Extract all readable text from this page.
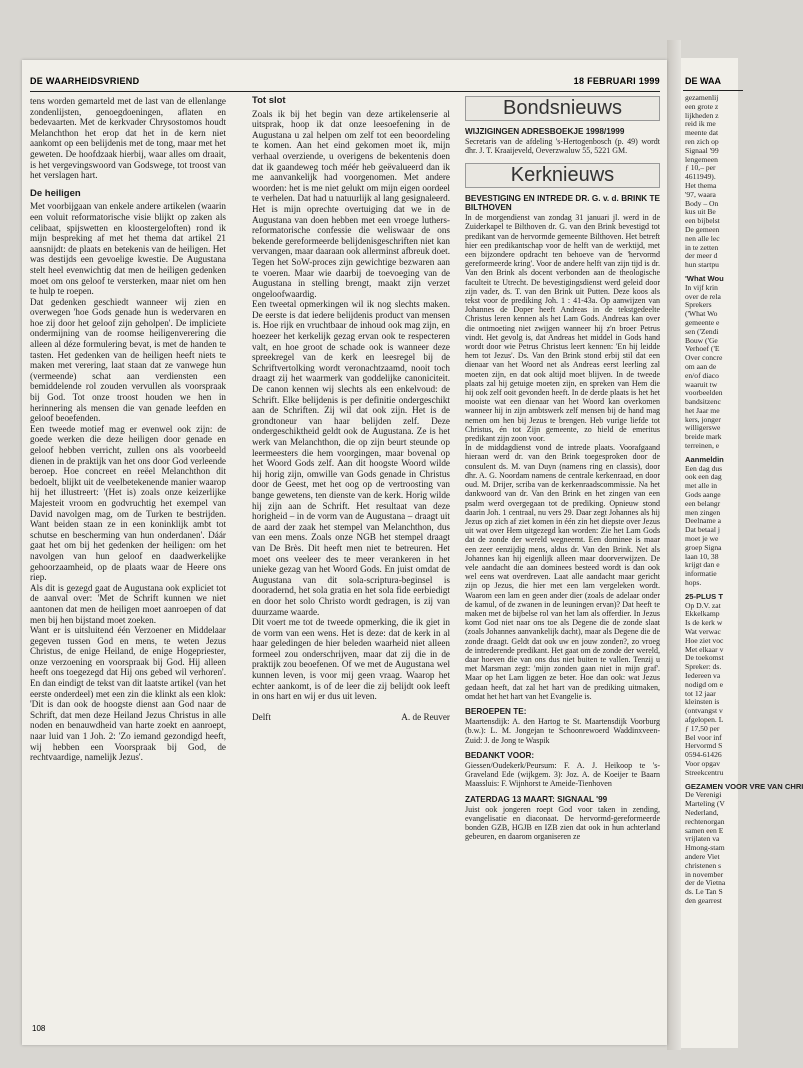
DE WAARHEIDSVRIEND	18 FEBRUARI 1999

tens worden gemarteld met de last van de ellenlange zondenlijsten, genoegdoeningen, aflaten en bedevaarten. Met de kerkvader Chrysostomos houdt Melanchthon het erop dat het in de kern niet aankomt op een belijdenis met de tong, maar met het geweten. De hoofdzaak hierbij, waar alles om draait, is het vergevingswoord van Godswege, tot troost van het verslagen hart.

De heiligen

Met voorbijgaan van enkele andere artikelen (waarin een voluit reformatorische visie blijkt op zaken als celibaat, spijswetten en kloostergeloften) rond ik mijn bespreking af met het thema dat artikel 21 aansnijdt: de plaats en betekenis van de heiligen. Het was destijds een gevoelige kwestie. De Augustana stelt heel evenwichtig dat men de heiligen gedenken moet om ons geloof te versterken, maar niet om hen te hulp te roepen.

Dat gedenken geschiedt wanneer wij zien en overwegen 'hoe Gods genade hun is wedervaren en hoe zij door het geloof zijn geholpen'. De impliciete ondermijning van de roomse heiligenverering die alleen al déze formulering bevat, is met de handen te tasten. Het gedenken van de heiligen heeft niets te maken met verering, laat staan dat ze vanwege hun (vermeende) schat aan verdiensten een bemiddelende rol zouden vervullen als voorspraak bij God. Tot onze troost houden we hen in herinnering als mensen die van genade leefden en geloof beoefenden.

Een tweede motief mag er evenwel ook zijn: de goede werken die deze heiligen door genade en geloof hebben verricht, zullen ons als voorbeeld dienen in de praktijk van het ons door God verleende beroep. Hoe concreet en reëel Melanchthon dit bedoelt, blijkt uit de veelbetekenende manier waarop hij het illustreert: '(Het is) zoals onze keizerlijke Majesteit vroom en godvruchtig het exempel van David navolgen mag, om de Turken te bestrijden. Want beiden staan ze in een koninklijk ambt tot schutse en bescherming van hun onderdanen'. Dáár gaat het om bij het gedenken der heiligen: om het navolgen van hun geloof en daadwerkelijke gehoorzaamheid, op de plaats waar de Heere ons riep.

Als dit is gezegd gaat de Augustana ook expliciet tot de aanval over: 'Met de Schrift kunnen we niet aantonen dat men de heiligen moet aanroepen of dat men bij hen bijstand moet zoeken.

Want er is uitsluitend één Verzoener en Middelaar gegeven tussen God en mens, te weten Jezus Christus, de enige Heiland, de enige Hogepriester, onze verzoening en voorspraak bij God. Hij alleen heeft ons toegezegd dat Hij ons gebed wil verhoren'. En dan eindigt de tekst van dit laatste artikel (van het eerste onderdeel) met een zin die klinkt als een klok: 'Dit is dan ook de hoogste dienst aan God naar de Schrift, dat men deze Heiland Jezus Christus in alle noden en benauwdheid van harte zoekt en aanroept, naar luid van 1 Joh. 2: 'Zo iemand gezondigd heeft, wij hebben een Voorspraak bij God, de rechtvaardige, namelijk Jezus'.

Tot slot

Zoals ik bij het begin van deze artikelenserie al uitsprak, hoop ik dat onze leesoefening in de Augustana u zal helpen om zelf tot een beoordeling te komen. Aan het eind gekomen moet ik, mijn verhaal overziende, u overigens de bekentenis doen dat ik gaandeweg toch méér heb geëvalueerd dan ik me aanvankelijk had voorgenomen. Met andere woorden: het is me niet gelukt om mijn eigen oordeel te verhelen. Dat had u natuurlijk al lang gesignaleerd. Het is mijn oprechte overtuiging dat we in de Augustana van doen hebben met een vroege luthers-reformatorische confessie die weliswaar de ons bekende gereformeerde belijdenisgeschriften niet kan vervangen, maar daaraan ook allerminst afbreuk doet. Tegen het SoW-proces zijn gewichtige bezwaren aan te voeren. Maar wie daarbij de toevoeging van de Augustana in stelling brengt, maakt zijn verzet ongeloofwaardig.

Een tweetal opmerkingen wil ik nog slechts maken. De eerste is dat iedere belijdenis product van mensen is. Hoe rijk en vruchtbaar de inhoud ook mag zijn, en hoezeer het kerkelijk gezag ervan ook te respecteren valt, en hoe groot de schade ook is wanneer deze spreekregel van de kerk en leesregel bij de Schriftvertolking wordt veronachtzaamd, nooit toch draagt zij het waarmerk van goddelijke canoniciteit. De canon kennen wij slechts als een enkelvoud: de Schrift. Elke belijdenis is per definitie ondergeschikt aan de Schriften. Zij wil dat ook zijn. Het is de grondtoneur van haar belijden zelf. Deze ondergeschiktheid geldt ook de Augustana. Ze is het werk van Melanchthon, die op zijn beurt steunde op leermeesters die hem voorgingen, maar bovenal op het Woord Gods zelf. Aan dit hoogste Woord wilde hij horig zijn, omwille van Gods genade in Christus door de Geest, met het oog op de vertroosting van bange gewetens, ten dienste van de kerk. Horig wilde hij zijn aan de Schrift. Het resultaat van deze horigheid – in de vorm van de Augustana – draagt uit de aard der zaak het stempel van Melanchthon, dus van een mens. Zoals onze NGB het stempel draagt van De Brès. Dit heeft men niet te betreuren. Het moet ons veeleer des te meer verankeren in het unieke gezag van het Woord Gods. En juist omdat de Augustana van dit sola-scriptura-beginsel is dooradernd, het sola gratia en het sola fide eerbiedigt en door het solo Christo wordt gedragen, is zij van duurzame waarde.

Dit voert me tot de tweede opmerking, die ik giet in de vorm van een wens. Het is deze: dat de kerk in al haar geledingen de hier beleden waarheid niet alleen formeel zou onderschrijven, maar dat zij die in de praktijk zou beoefenen. Of we met de Augustana wel kunnen leven, is voor mij geen vraag. Waarop het echter aankomt, is of de leer die zij belijdt ook leeft in ons hart en wij er dus uit leven.

Delft	A. de Reuver
Bondsnieuws
WIJZIGINGEN ADRESBOEKJE 1998/1999

Secretaris van de afdeling 's-Hertogenbosch (p. 49) wordt dhr. J. T. Kraaijeveld, Oeverzwaluw 55, 5221 GM.

Kerknieuws
BEVESTIGING EN INTREDE DR. G. v. d. BRINK TE BILTHOVEN

In de morgendienst van zondag 31 januari jl. werd in de Zuiderkapel te Bilthoven dr. G. van den Brink bevestigd tot predikant van de hervormde gemeente Bilthoven. Het betreft hier een predikantschap voor de helft van de werktijd, met een bijzondere opdracht ten behoeve van de 'hervormd gereformeerde kring'. Voor de andere helft van zijn tijd is dr. Van den Brink als docent verbonden aan de theologische faculteit te Utrecht. De bevestigingsdienst werd geleid door zijn vader, ds. T. van den Brink uit Putten. Deze koos als tekst voor de prediking Joh. 1 : 41-43a. Op aanwijzen van Johannes de Doper heeft Andreas in de tekstgedeelte Christus leren kennen als het Lam Gods. Andreas kan over die ontmoeting niet zwijgen wanneer hij z'n broer Petrus vindt. Het gevolg is, dat Andreas het middel in Gods hand wordt door wie Petrus Christus leert kennen: 'En hij leidde hem tot Jezus'. Ds. Van den Brink stond erbij stil dat een dienaar van het Woord net als Andreas eerst leerling zal moeten zijn, en dat ook altijd moet blijven. In de tweede plaats zal hij getuige moeten zijn, en spreken van Hem die hij ook zelf ooit gevonden heeft. In de derde plaats is het het mooiste wat een dienaar van het Woord kan overkomen wanneer hij in zijn ambtswerk zelf mensen bij de hand mag nemen om hen bij Jezus te brengen. Heb vurige liefde tot Christus, én tot Zijn gemeente, zo hield de emeritus predikant zijn zoon voor.

In de middagdienst vond de intrede plaats. Voorafgaand hieraan werd dr. van den Brink toegesproken door de consulent ds. M. van Duyn (namens ring en classis), door dhr. A. G. Noordam namens de centrale kerkenraad, en door oud. M. Drijer, scriba van de kerkenraadscommissie. Na het dankwoord van dr. Van den Brink en het zingen van een psalm werd overgegaan tot de prediking. Opnieuw stond daarin Joh. 1 centraal, nu vers 29. Daar zegt Johannes als hij Jezus op zich af ziet komen in één zin het diepste over Jezus uit wat over Hem uitgezegd kan worden: Zie het Lam Gods dat de zonde der wereld wegneemt. Een dominee is maar een zeer eenzijdig mens, aldus dr. Van den Brink. Net als Johannes kan hij eigenlijk alleen maar doorverwijzen. De vele aandacht die aan dominees besteed wordt is dan ook wel eens wat overdreven. Laat alle aandacht maar gericht zijn op Jezus, die hier met een lam vergeleken wordt. Waarom een lam en geen ander dier (zoals de adelaar onder de kamul, of de zwanen in de leuningen ervan)? Dat heeft te maken met de bijbelse rol van het lam als offerdier. In Jezus komt God niet naar ons toe als Degene die de zonde slaat (zoals Johannes aanvankelijk dacht), maar als Degene die de zonde draagt. Geldt dat ook uw en jouw zonden?, zo vroeg de intrederende predikant. Het gaat om de zonde der wereld, daar hoeven die van ons dus niet buiten te vallen. Tenzij u met Marsman zegt: 'mijn zonden gaan niet in mijn graf'. Maar op het Lam liggen ze beter. Hoe dan ook: wat Jezus gedaan heeft, dat zal het hart van de prediking uitmaken, omdat het het hart van het Evangelie is.

BEROEPEN TE:

Maartensdijk: A. den Hartog te St. Maartensdijk Voorburg (b.w.): L. M. Jongejan te Schoonrewoerd Waddinxveen-Zuid: J. de Jong te Waspik

BEDANKT VOOR:

Giessen/Oudekerk/Peursum: F. A. J. Heikoop te 's-Graveland Ede (wijkgem. 3): Joz. A. de Koeijer te Baarn Maassluis: F. Wijnhorst te Ameide-Tienhoven

ZATERDAG 13 MAART: SIGNAAL '99

Juist ook jongeren roept God voor taken in zending, evangelisatie en diaconaat. De hervormd-gereformeerde bonden GZB, HGJB en IZB zien dat ook in hun achterland gebeuren, en daarom organiseren ze

108
DE WAA
gezamenlij
een grote z
lijkheden z
reid ik me
meente dat
ren zich op
Signaal '99
lengemeen
ƒ 10,– per
4611949).
Het thema
'97, waara
Body – On
kus uit Be
een bijbelst
De gemeen
nen alle lec
in te zetten
der meer d
hun startpu

'What Wou
In vijf krin
over de rela
Sprekers
('What Wo
gemeente e
sen ('Zendi
Bouw ('Ge
Verhoef ('E
Over concre
om aan de
en/of diaco
waaruit tw
voorbeelden
bandsitzenc
het Jaar me
kers, jonger
willigerswe
breide mark
terreinen, e

Aanmeldin
Een dag dus
ook een dag
met alle in
Gods aange
een belangr
men zingen
Deelname a
Dat betaal j
moet je we
groep Signa
laan 10, 38
krijgt dan e
informatie
hops.

25-PLUS T
Op D.V. zat
Ekkelkamp
Is de kerk w
Wat verwac
Hoe ziet voc
Met elkaar v
De toekomst
Spreker: ds.
Iedereen va
nodigd om e
tot 12 jaar
kleinsten is
(ontvangst v
afgelopen. L
ƒ 17,50 per
Bel voor inf
Hervormd S
0594-61426
Voor opgav
Streekcentru

GEZAMEN VOOR VRE VAN CHRI
De Verenigi
Marteling (V
Nederland,
rechtenorgan
samen een E
vrijlaten va
Hmong-stam
andere Viet
christenen s
in november
der de Vietna
ds. Le Tan S
den gearrest
